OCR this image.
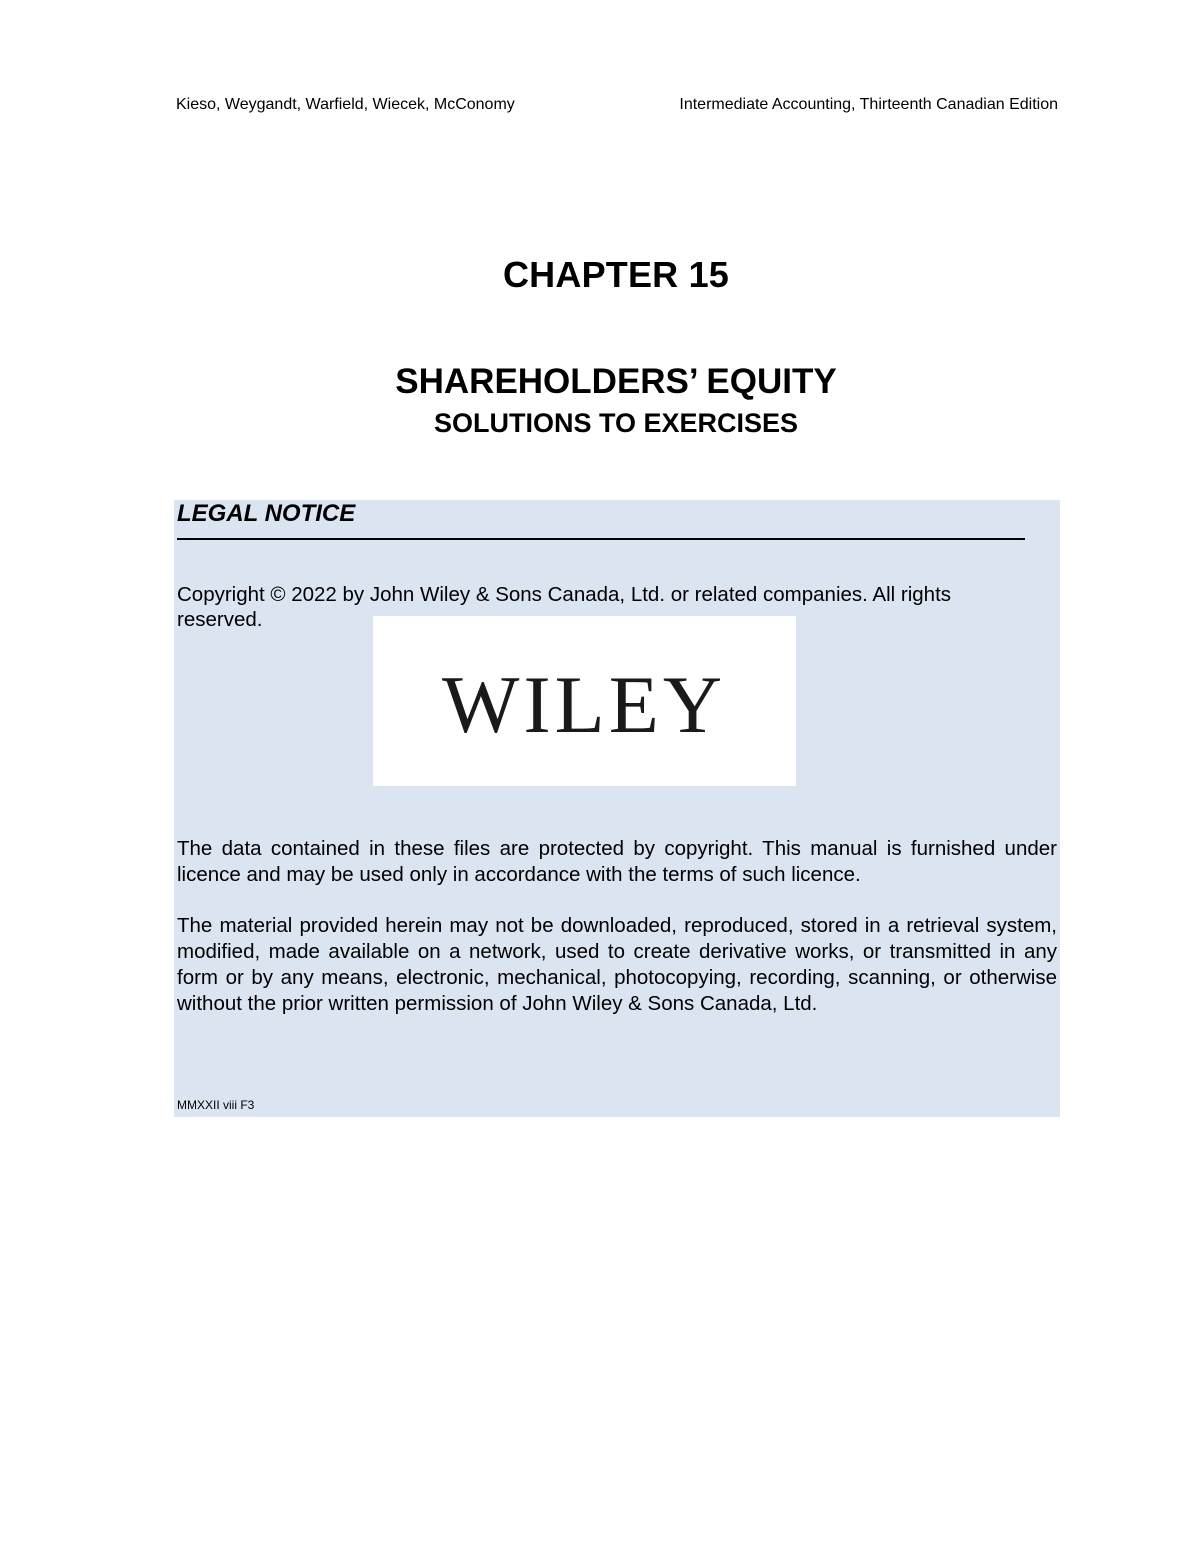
Kieso, Weygandt, Warfield, Wiecek, McConomy	Intermediate Accounting, Thirteenth Canadian Edition
CHAPTER 15
SHAREHOLDERS’ EQUITY
SOLUTIONS TO EXERCISES
LEGAL NOTICE
Copyright © 2022 by John Wiley & Sons Canada, Ltd. or related companies. All rights reserved.
WILEY
The data contained in these files are protected by copyright. This manual is furnished under licence and may be used only in accordance with the terms of such licence.
The material provided herein may not be downloaded, reproduced, stored in a retrieval system, modified, made available on a network, used to create derivative works, or transmitted in any form or by any means, electronic, mechanical, photocopying, recording, scanning, or otherwise without the prior written permission of John Wiley & Sons Canada, Ltd.
MMXXII viii F3
